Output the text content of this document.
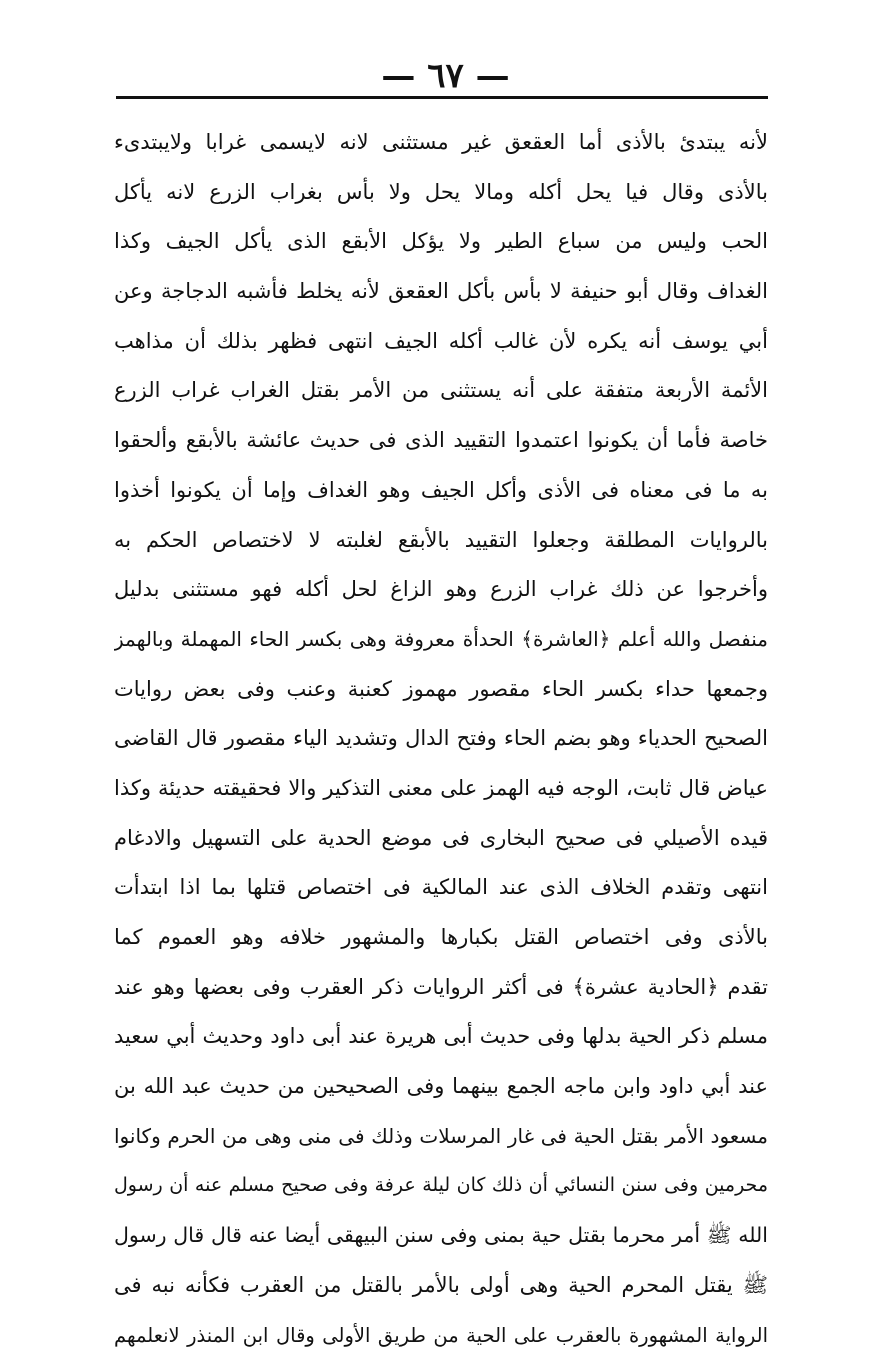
— ٦٧ —
لأنه يبتدئ بالأذى أما العقعق غير مستثنى لانه لايسمى غرابا ولايبتدىء
بالأذى وقال فيا يحل أكله ومالا يحل ولا بأس بغراب الزرع لانه يأكل
الحب وليس من سباع الطير ولا يؤكل الأبقع الذى يأكل الجيف وكذا
الغداف وقال أبو حنيفة لا بأس بأكل العقعق لأنه يخلط فأشبه الدجاجة وعن
أبي يوسف أنه يكره لأن غالب أكله الجيف انتهى فظهر بذلك أن مذاهب
الأئمة الأربعة متفقة على أنه يستثنى من الأمر بقتل الغراب غراب الزرع
خاصة فأما أن يكونوا اعتمدوا التقييد الذى فى حديث عائشة بالأبقع وألحقوا
به ما فى معناه فى الأذى وأكل الجيف وهو الغداف وإما أن يكونوا أخذوا
بالروايات المطلقة وجعلوا التقييد بالأبقع لغلبته لا لاختصاص الحكم به
وأخرجوا عن ذلك غراب الزرع وهو الزاغ لحل أكله فهو مستثنى بدليل
منفصل والله أعلم ﴿العاشرة﴾ الحدأة معروفة وهى بكسر الحاء المهملة وبالهمز
وجمعها حداء بكسر الحاء مقصور مهموز كعنبة وعنب وفى بعض روايات
الصحيح الحدياء وهو بضم الحاء وفتح الدال وتشديد الياء مقصور قال القاضى
عياض قال ثابت، الوجه فيه الهمز على معنى التذكير والا فحقيقته حديئة وكذا
قيده الأصيلي فى صحيح البخارى فى موضع الحدية على التسهيل والادغام
انتهى وتقدم الخلاف الذى عند المالكية فى اختصاص قتلها بما اذا ابتدأت
بالأذى وفى اختصاص القتل بكبارها والمشهور خلافه وهو العموم كما
تقدم ﴿الحادية عشرة﴾ فى أكثر الروايات ذكر العقرب وفى بعضها وهو عند
مسلم ذكر الحية بدلها وفى حديث أبى هريرة عند أبى داود وحديث أبي سعيد
عند أبي داود وابن ماجه الجمع بينهما وفى الصحيحين من حديث عبد الله بن
مسعود الأمر بقتل الحية فى غار المرسلات وذلك فى منى وهى من الحرم وكانوا
محرمين وفى سنن النسائي أن ذلك كان ليلة عرفة وفى صحيح مسلم عنه أن رسول
الله ﷺ أمر محرما بقتل حية بمنى وفى سنن البيهقى أيضا عنه قال قال رسول
ﷺ يقتل المحرم الحية وهى أولى بالأمر بالقتل من العقرب فكأنه نبه فى
الرواية المشهورة بالعقرب على الحية من طريق الأولى وقال ابن المنذر لانعلمهم
